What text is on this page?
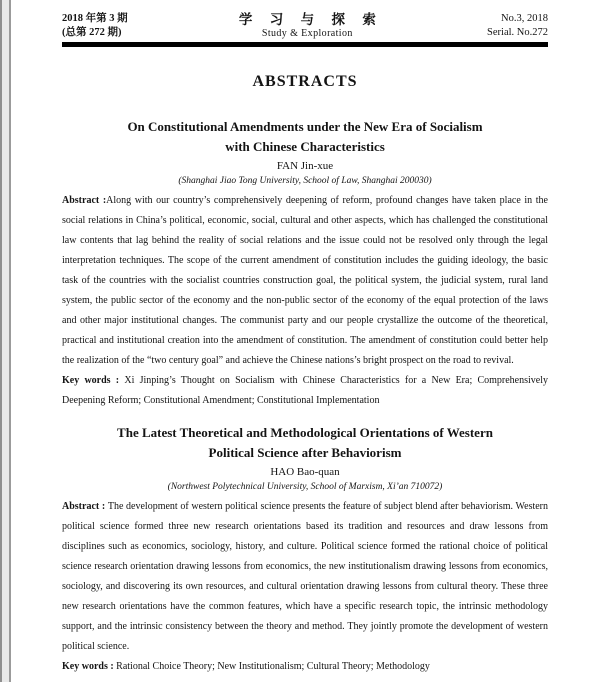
2018 年第 3 期
(总第 272 期)
学 习 与 探 索
Study & Exploration
No.3, 2018
Serial. No.272
ABSTRACTS
On Constitutional Amendments under the New Era of Socialism
with Chinese Characteristics
FAN Jin-xue
(Shanghai Jiao Tong University, School of Law, Shanghai 200030)

Abstract :Along with our country’s comprehensively deepening of reform, profound changes have taken place in the social relations in China’s political, economic, social, cultural and other aspects, which has challenged the constitutional law contents that lag behind the reality of social relations and the issue could not be resolved only through the legal interpretation techniques. The scope of the current amendment of constitution includes the guiding ideology, the basic task of the countries with the socialist countries construction goal, the political system, the judicial system, rural land system, the public sector of the economy and the non-public sector of the economy of the equal protection of the laws and other major institutional changes. The communist party and our people crystallize the outcome of the theoretical, practical and institutional creation into the amendment of constitution. The amendment of constitution could better help the realization of the “two century goal” and achieve the Chinese nations’s bright prospect on the road to revival.

Key words : Xi Jinping’s Thought on Socialism with Chinese Characteristics for a New Era; Comprehensively Deepening Reform; Constitutional Amendment; Constitutional Implementation

The Latest Theoretical and Methodological Orientations of Western
Political Science after Behaviorism
HAO Bao-quan
(Northwest Polytechnical University, School of Marxism, Xi’an 710072)

Abstract : The development of western political science presents the feature of subject blend after behaviorism. Western political science formed three new research orientations based its tradition and resources and draw lessons from disciplines such as economics, sociology, history, and culture. Political science formed the rational choice of political science research orientation drawing lessons from economics, the new institutionalism drawing lessons from economics, sociology, and discovering its own resources, and cultural orientation drawing lessons from cultural theory. These three new research orientations have the common features, which have a specific research topic, the intrinsic methodology support, and the intrinsic consistency between the theory and method. They jointly promote the development of western political science.

Key words : Rational Choice Theory; New Institutionalism; Cultural Theory; Methodology
